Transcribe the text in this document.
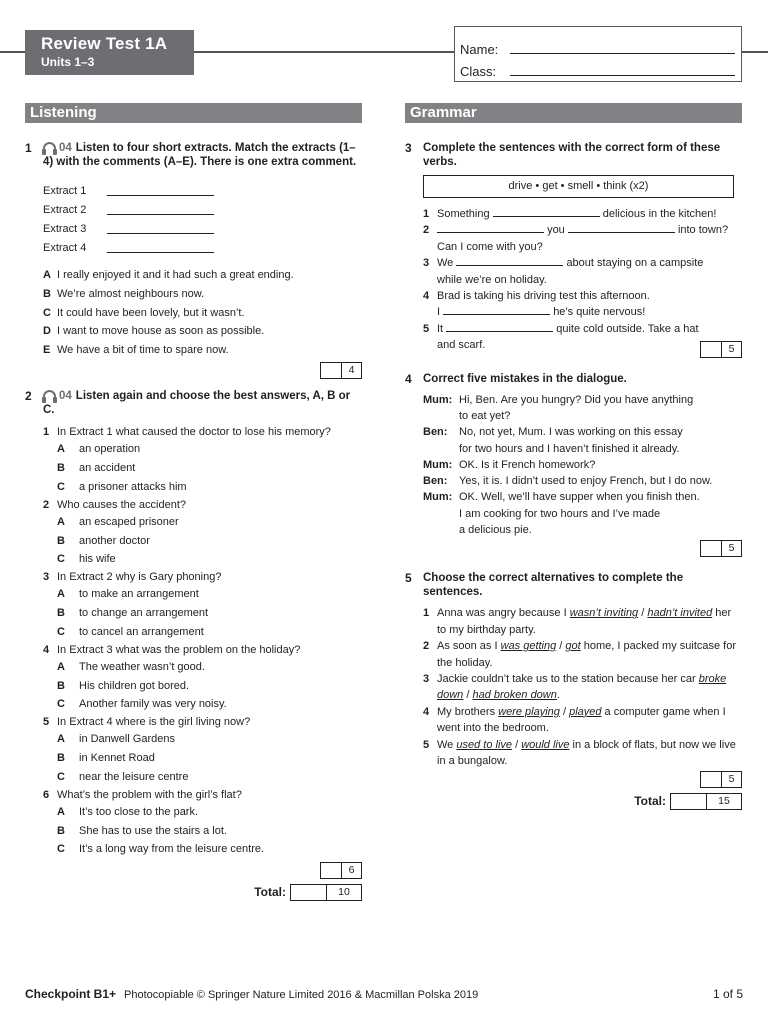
Review Test 1A
Units 1–3
Name:
Class:
Listening	Grammar
1	04 Listen to four short extracts. Match the extracts (1–4) with the comments (A–E). There is one extra comment.
Extract 1
Extract 2
Extract 3
Extract 4
A I really enjoyed it and it had such a great ending.
B We’re almost neighbours now.
C It could have been lovely, but it wasn’t.
D I want to move house as soon as possible.
E We have a bit of time to spare now.
4
2	04 Listen again and choose the best answers, A, B or C.
1 In Extract 1 what caused the doctor to lose his memory?
A	an operation
B	an accident
C	a prisoner attacks him
2 Who causes the accident?
A	an escaped prisoner
B	another doctor
C	his wife
3 In Extract 2 why is Gary phoning?
A	to make an arrangement
B	to change an arrangement
C	to cancel an arrangement
4 In Extract 3 what was the problem on the holiday?
A	The weather wasn’t good.
B	His children got bored.
C	Another family was very noisy.
5 In Extract 4 where is the girl living now?
A	in Danwell Gardens
B	in Kennet Road
C	near the leisure centre
6 What’s the problem with the girl’s flat?
A	It’s too close to the park.
B	She has to use the stairs a lot.
C	It’s a long way from the leisure centre.
6
Total:	10
3 Complete the sentences with the correct form of these verbs.
drive • get • smell • think (x2)
1 Something	delicious in the kitchen!
2	you	into town?
Can I come with you?
3 We	about staying on a campsite
while we’re on holiday.
4 Brad is taking his driving test this afternoon.
I	he’s quite nervous!
5 It	quite cold outside. Take a hat
and scarf.	5
4 Correct five mistakes in the dialogue.
Mum: Hi, Ben. Are you hungry? Did you have anything
to eat yet?
Ben:	No, not yet, Mum. I was working on this essay
for two hours and I haven’t finished it already.
Mum: OK. Is it French homework?
Ben:	Yes, it is. I didn’t used to enjoy French, but I do now.
Mum: OK. Well, we’ll have supper when you finish then.
I am cooking for two hours and I’ve made
a delicious pie.
5
5 Choose the correct alternatives to complete the sentences.
1 Anna was angry because I wasn’t inviting / hadn’t invited her to my birthday party.
2 As soon as I was getting / got home, I packed my suitcase for the holiday.
3 Jackie couldn’t take us to the station because her car broke down / had broken down.
4 My brothers were playing / played a computer game when I went into the bedroom.
5 We used to live / would live in a block of flats, but now we live in a bungalow.
5
Total:	15
Checkpoint B1+ Photocopiable © Springer Nature Limited 2016 & Macmillan Polska 2019	1 of 5
